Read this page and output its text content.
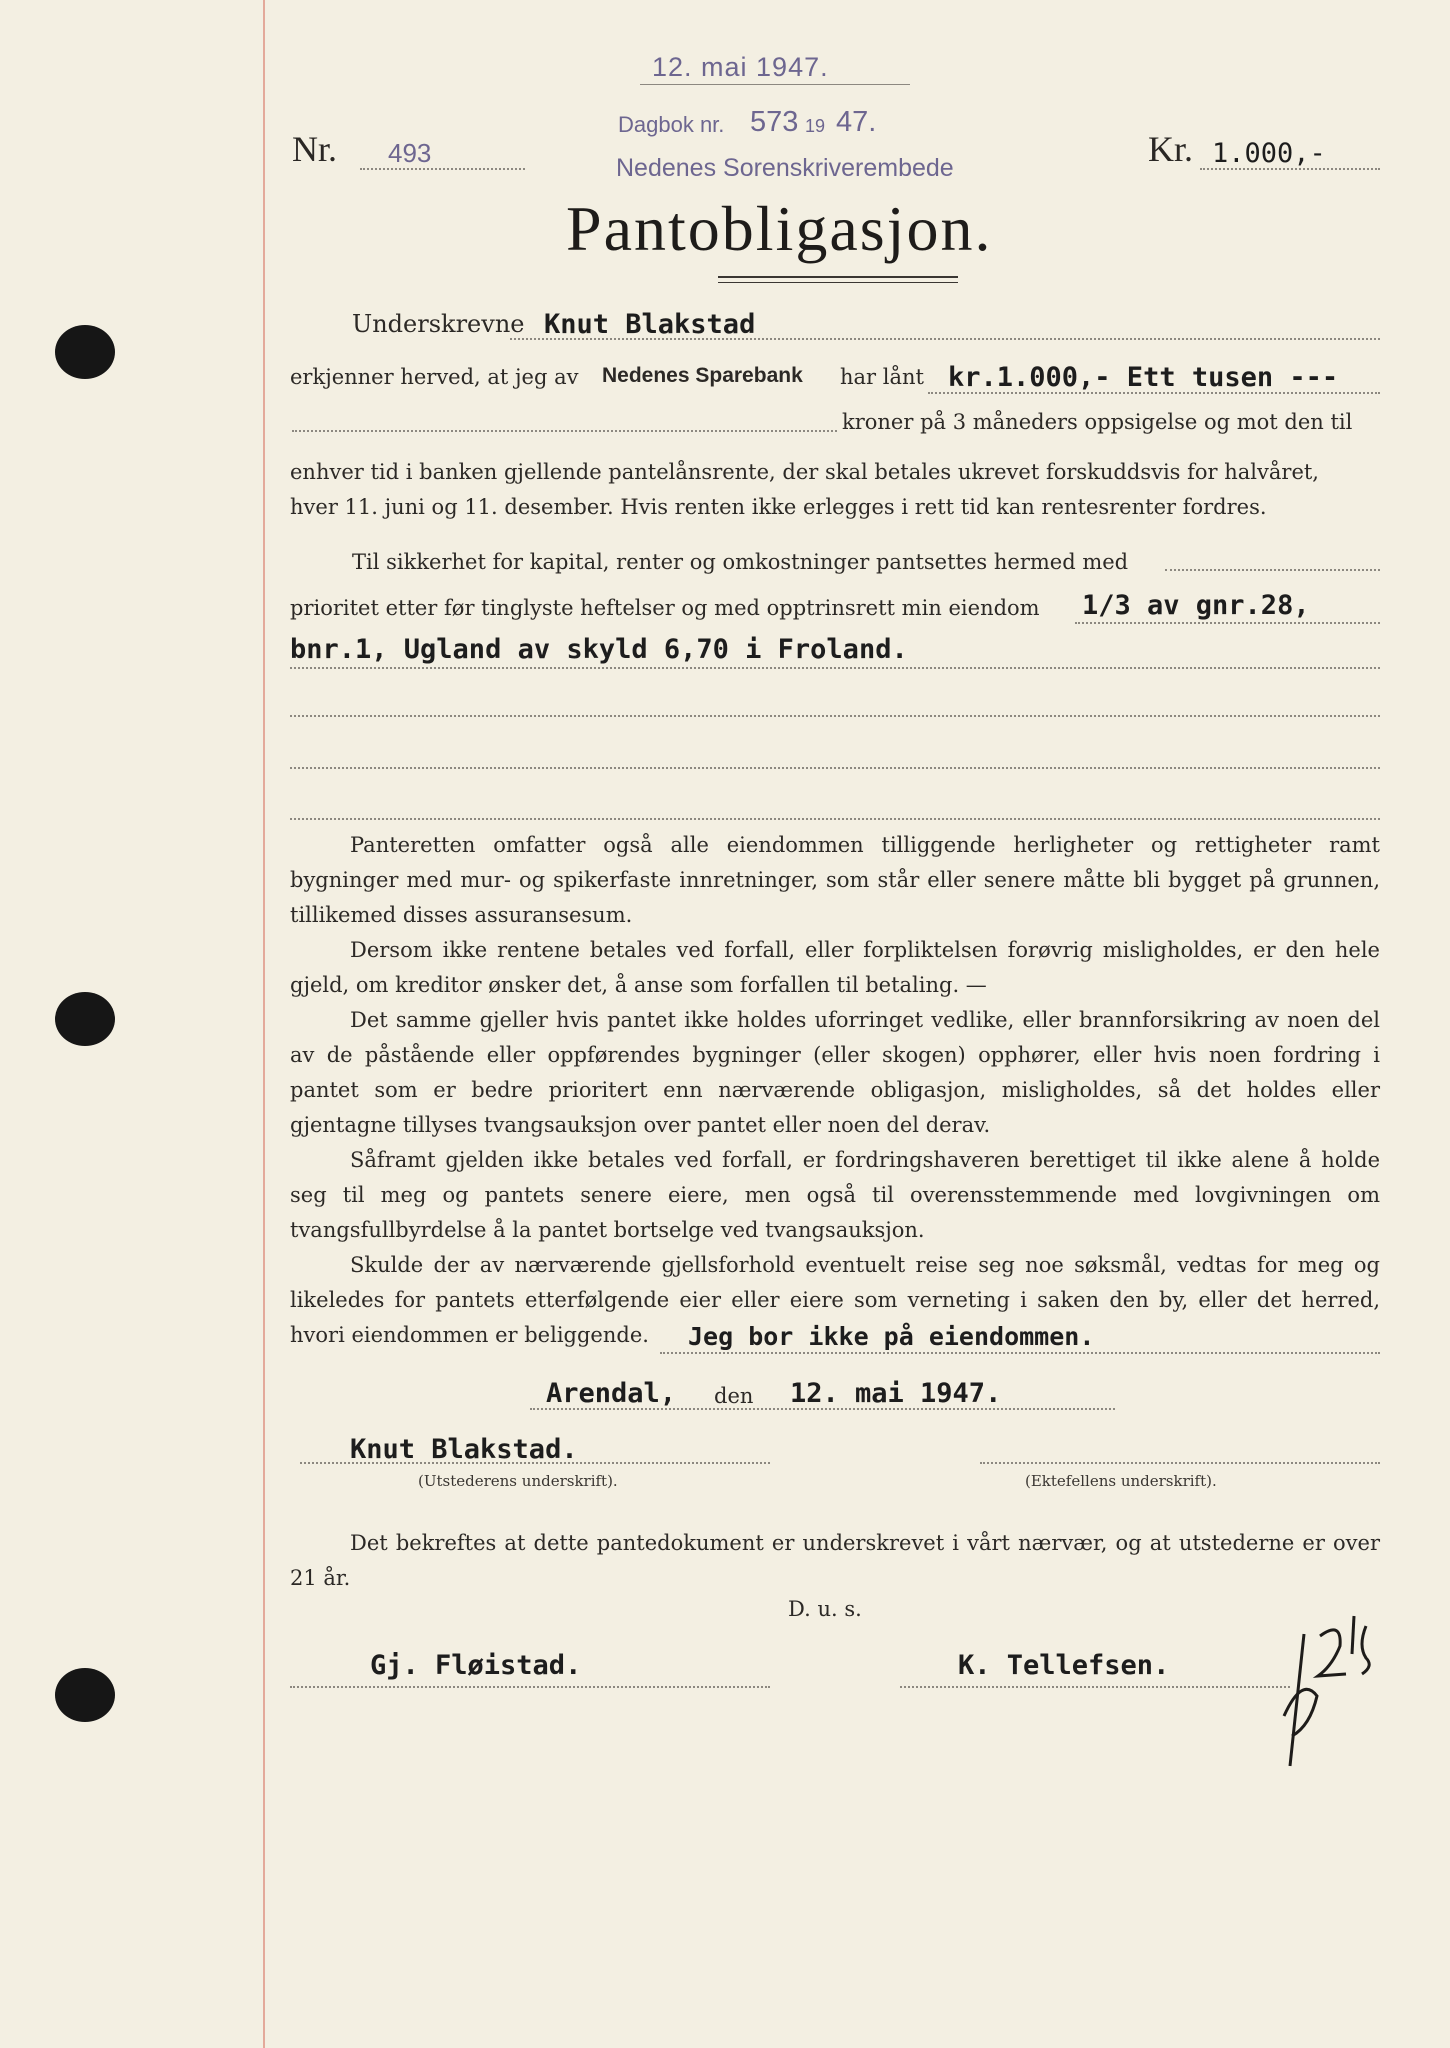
12. mai 1947.
Nr. 493
Dagbok nr. 573 19 47.
Nedenes Sorenskriverembede	Kr. 1.000,-
Pantobligasjon.
Underskrevne Knut Blakstad
erkjenner herved, at jeg av Nedenes Sparebank har lånt kr.1.000,- Ett tusen ---
kroner på 3 måneders oppsigelse og mot den til

enhver tid i banken gjellende pantelånsrente, der skal betales ukrevet forskuddsvis for halvåret,

hver 11. juni og 11. desember. Hvis renten ikke erlegges i rett tid kan rentesrenter fordres.

Til sikkerhet for kapital, renter og omkostninger pantsettes hermed med
prioritet etter før tinglyste heftelser og med opptrinsrett min eiendom 1/3 av gnr.28,
bnr.1, Ugland av skyld 6,70 i Froland.

Panteretten omfatter også alle eiendommen tilliggende herligheter og rettigheter ramt bygninger med mur- og spikerfaste innretninger, som står eller senere måtte bli bygget på grunnen, tillikemed disses assuransesum.

Dersom ikke rentene betales ved forfall, eller forpliktelsen forøvrig misligholdes, er den hele gjeld, om kreditor ønsker det, å anse som forfallen til betaling. —

Det samme gjeller hvis pantet ikke holdes uforringet vedlike, eller brannforsikring av noen del av de påstående eller oppførendes bygninger (eller skogen) opphører, eller hvis noen fordring i pantet som er bedre prioritert enn nærværende obligasjon, misligholdes, så det holdes eller gjentagne tillyses tvangsauksjon over pantet eller noen del derav.

Såframt gjelden ikke betales ved forfall, er fordringshaveren berettiget til ikke alene å holde seg til meg og pantets senere eiere, men også til overensstemmende med lovgivningen om tvangsfullbyrdelse å la pantet bortselge ved tvangsauksjon.

Skulde der av nærværende gjellsforhold eventuelt reise seg noe søksmål, vedtas for meg og likeledes for pantets etterfølgende eier eller eiere som verneting i saken den by, eller det herred, hvori eiendommen er beliggende.	Jeg bor ikke på eiendommen.
Arendal, den 12. mai 1947.
Knut Blakstad.
(Utstederens underskrift).	(Ektefellens underskrift).

Det bekreftes at dette pantedokument er underskrevet i vårt nærvær, og at utstederne er over 21 år.

D. u. s.
Gj. Fløistad.	K. Tellefsen.
